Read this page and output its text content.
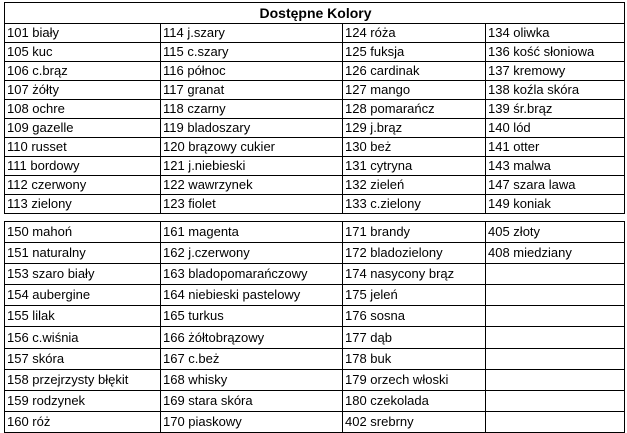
Dostępne Kolory			
101 biały	114 j.szary	124 róża	134 oliwka
105 kuc	115 c.szary	125 fuksja	136 kość słoniowa
106 c.brąz	116 północ	126 cardinak	137 kremowy
107 żółty	117 granat	127 mango	138 koźla skóra
108 ochre	118 czarny	128 pomarańcz	139 śr.brąz
109 gazelle	119 bladoszary	129 j.brąz	140 lód
110 russet	120 brązowy cukier	130 beż	141 otter
111 bordowy	121 j.niebieski	131 cytryna	143 malwa
112 czerwony	122 wawrzynek	132 zieleń	147 szara lawa
113 zielony	123 fiolet	133 c.zielony	149 koniak
150 mahoń	161 magenta	171 brandy	405 złoty
151 naturalny	162 j.czerwony	172 bladozielony	408 miedziany
153 szaro biały	163 bladopomarańczowy	174 nasycony brąz	
154 aubergine	164 niebieski pastelowy	175 jeleń	
155 lilak	165 turkus	176 sosna	
156 c.wiśnia	166 żółtobrązowy	177 dąb	
157 skóra	167 c.beż	178 buk	
158 przejrzysty błękit	168 whisky	179 orzech włoski	
159 rodzynek	169 stara skóra	180 czekolada	
160 róż	170 piaskowy	402 srebrny	
